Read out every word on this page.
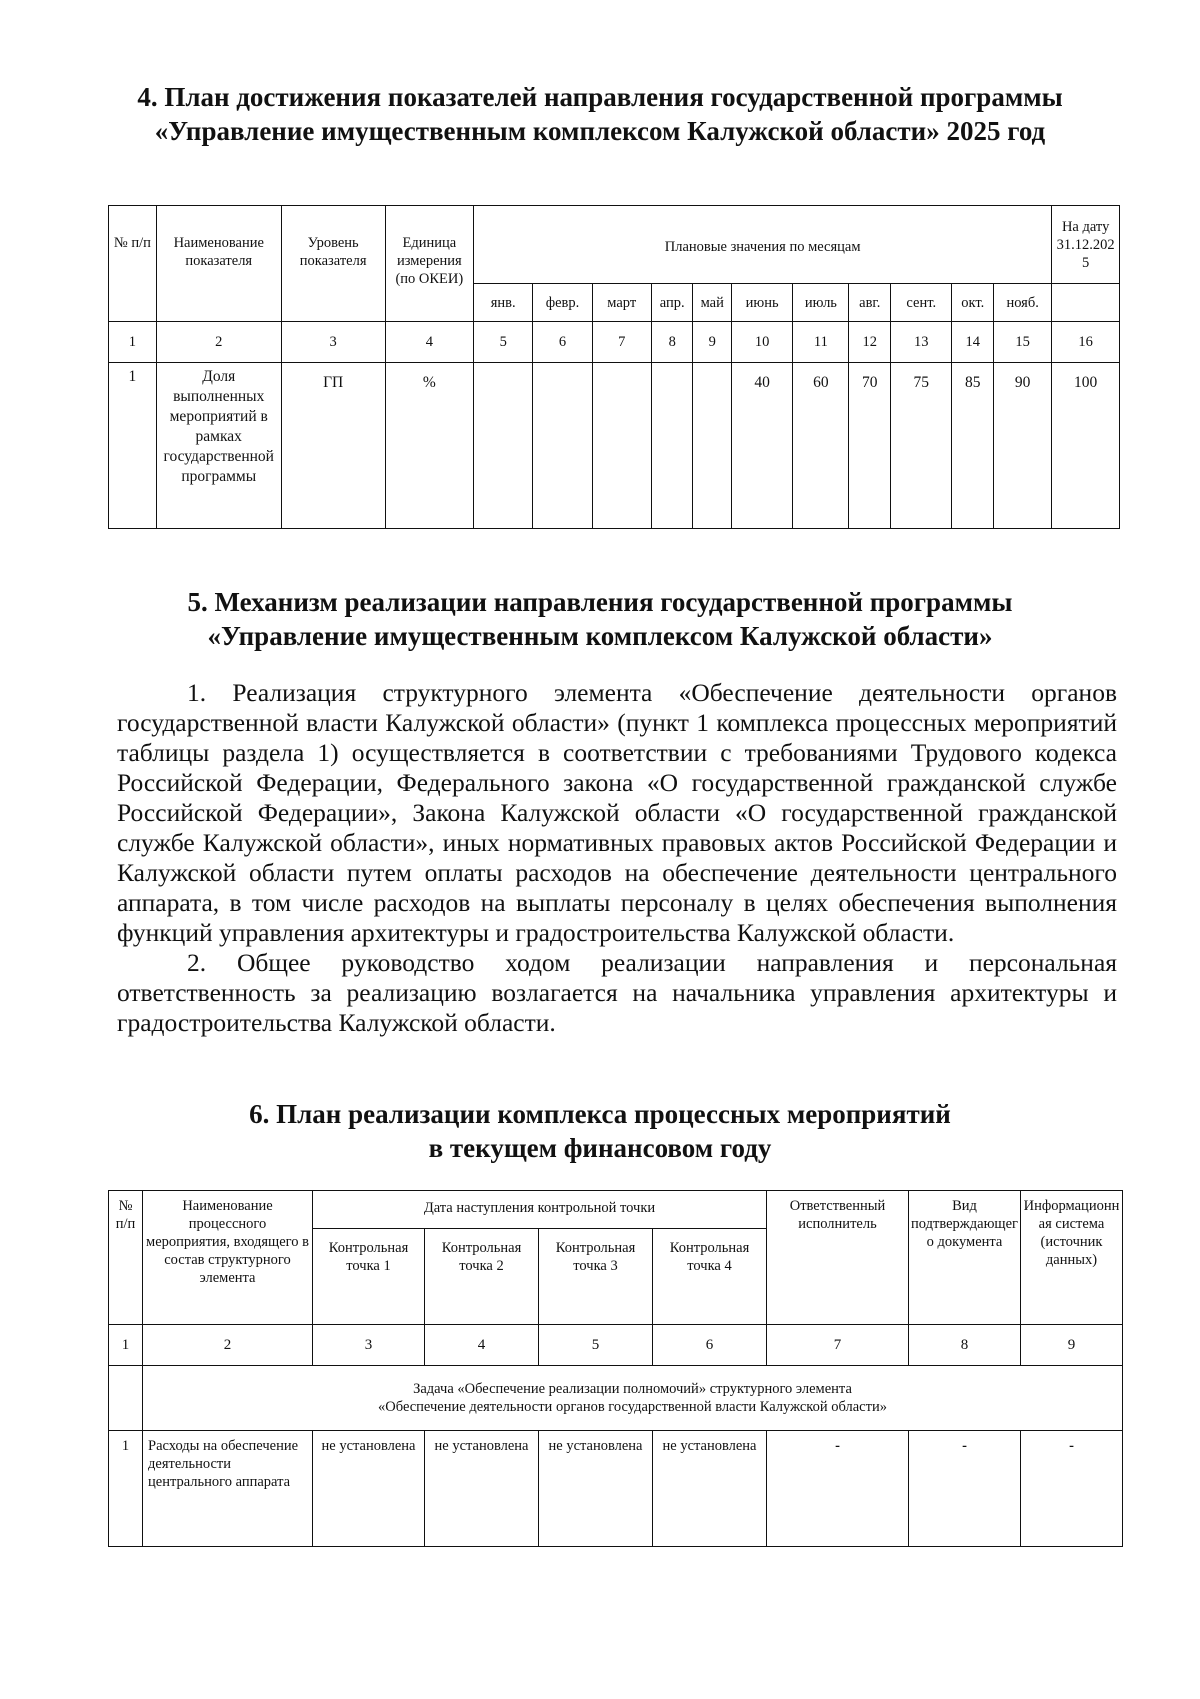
4. План достижения показателей направления государственной программы
«Управление имущественным комплексом Калужской области» 2025 год
№ п/п	Наименование показателя	Уровень показателя	Единица измерения (по ОКЕИ)	Плановые значения по месяцам											На дату 31.12.2025
				янв.	февр.	март	апр.	май	июнь	июль	авг.	сент.	окт.	нояб.	
1	2	3	4	5	6	7	8	9	10	11	12	13	14	15	16
1	Доля выполненных мероприятий в рамках государственной программы	ГП	%						40	60	70	75	85	90	100
5. Механизм реализации направления государственной программы
«Управление имущественным комплексом Калужской области»

1. Реализация структурного элемента «Обеспечение деятельности органов государственной власти Калужской области» (пункт 1 комплекса процессных мероприятий таблицы раздела 1) осуществляется в соответствии с требованиями Трудового кодекса Российской Федерации, Федерального закона «О государственной гражданской службе Российской Федерации», Закона Калужской области «О государственной гражданской службе Калужской области», иных нормативных правовых актов Российской Федерации и Калужской области путем оплаты расходов на обеспечение деятельности центрального аппарата, в том числе расходов на выплаты персоналу в целях обеспечения выполнения функций управления архитектуры и градостроительства Калужской области.

2. Общее руководство ходом реализации направления и персональная ответственность за реализацию возлагается на начальника управления архитектуры и градостроительства Калужской области.

6. План реализации комплекса процессных мероприятий
в текущем финансовом году
№ п/п	Наименование процессного мероприятия, входящего в состав структурного элемента	Дата наступления контрольной точки				Ответственный исполнитель	Вид подтверждающего документа	Информационная система (источник данных)
		Контрольная точка 1	Контрольная точка 2	Контрольная точка 3	Контрольная точка 4			
1	2	3	4	5	6	7	8	9

	Задача «Обеспечение реализации полномочий» структурного элемента
«Обеспечение деятельности органов государственной власти Калужской области»							

1	Расходы на обеспечение деятельности центрального аппарата	не установлена	не установлена	не установлена	не установлена	-	-	-
